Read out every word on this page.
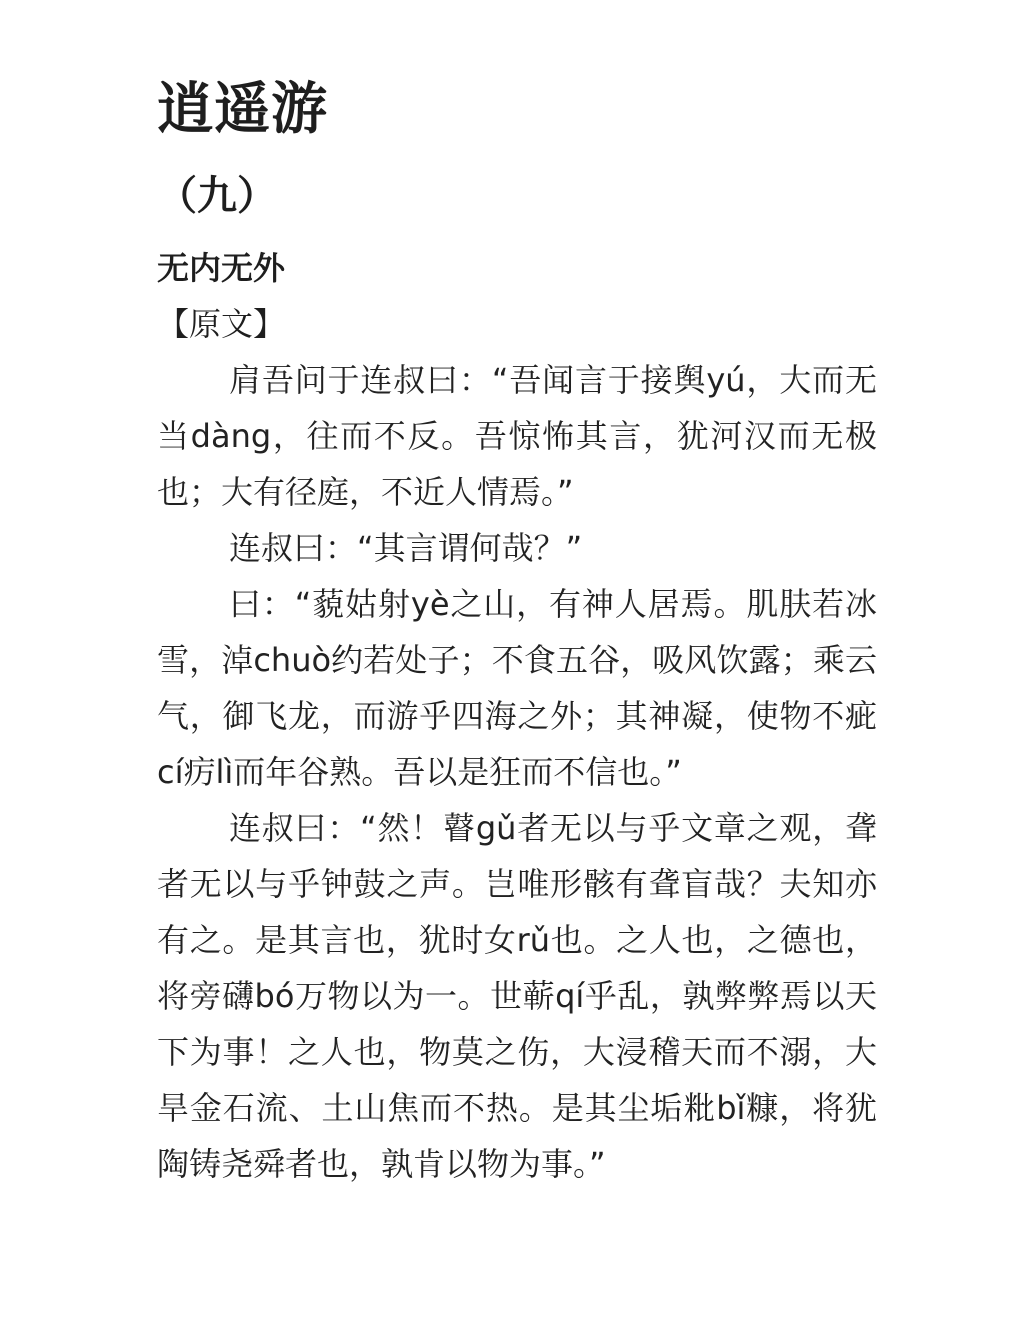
逍遥游
（九）
无内无外
【原文】

肩吾问于连叔曰：“吾闻言于接舆yú，大而无当dàng，往而不反。吾惊怖其言，犹河汉而无极也；大有径庭，不近人情焉。”

连叔曰：“其言谓何哉？”

曰：“藐姑射yè之山，有神人居焉。肌肤若冰雪，淖chuò约若处子；不食五谷，吸风饮露；乘云气，御飞龙，而游乎四海之外；其神凝，使物不疵cí疠lì而年谷熟。吾以是狂而不信也。”

连叔曰：“然！瞽gǔ者无以与乎文章之观，聋者无以与乎钟鼓之声。岂唯形骸有聋盲哉？夫知亦有之。是其言也，犹时女rǔ也。之人也，之德也，将旁礴bó万物以为一。世蕲qí乎乱，孰弊弊焉以天下为事！之人也，物莫之伤，大浸稽天而不溺，大旱金石流、土山焦而不热。是其尘垢粃bǐ糠，将犹陶铸尧舜者也，孰肯以物为事。”
